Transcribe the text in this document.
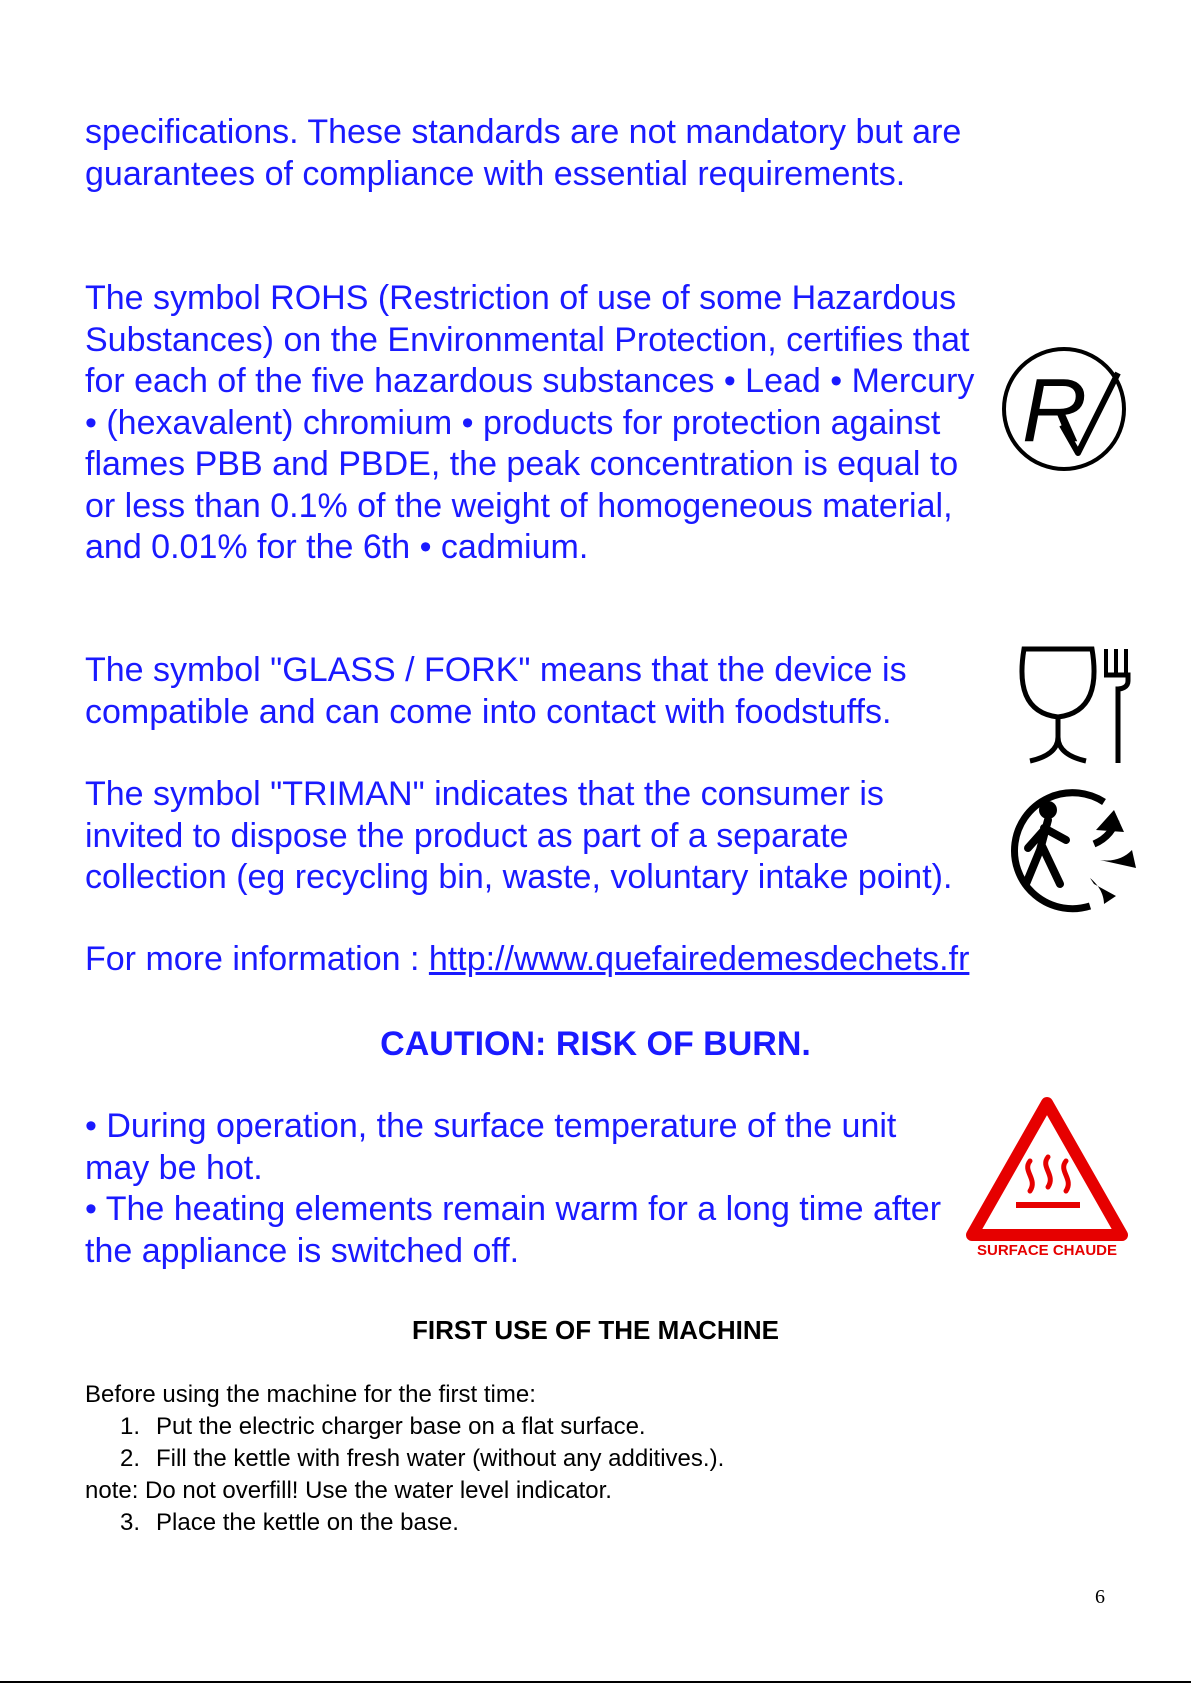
specifications. These standards are not mandatory but are guarantees of compliance with essential requirements.

The symbol ROHS (Restriction of use of some Hazardous Substances) on the Environmental Protection, certifies that for each of the five hazardous substances • Lead • Mercury • (hexavalent) chromium • products for protection against flames PBB and PBDE, the peak concentration is equal to or less than 0.1% of the weight of homogeneous material, and 0.01% for the 6th • cadmium.

R

The symbol "GLASS / FORK" means that the device is compatible and can come into contact with foodstuffs.

The symbol "TRIMAN" indicates that the consumer is invited to dispose the product as part of a separate collection (eg recycling bin, waste, voluntary intake point).

For more information : http://www.quefairedemesdechets.fr

CAUTION: RISK OF BURN.
• During operation, the surface temperature of the unit may be hot.
• The heating elements remain warm for a long time after the appliance is switched off.	SURFACE CHAUDE
FIRST USE OF THE MACHINE

Before using the machine for the first time:

1. Put the electric charger base on a flat surface.

2. Fill the kettle with fresh water (without any additives.).

note: Do not overfill! Use the water level indicator.

3. Place the kettle on the base.

6
